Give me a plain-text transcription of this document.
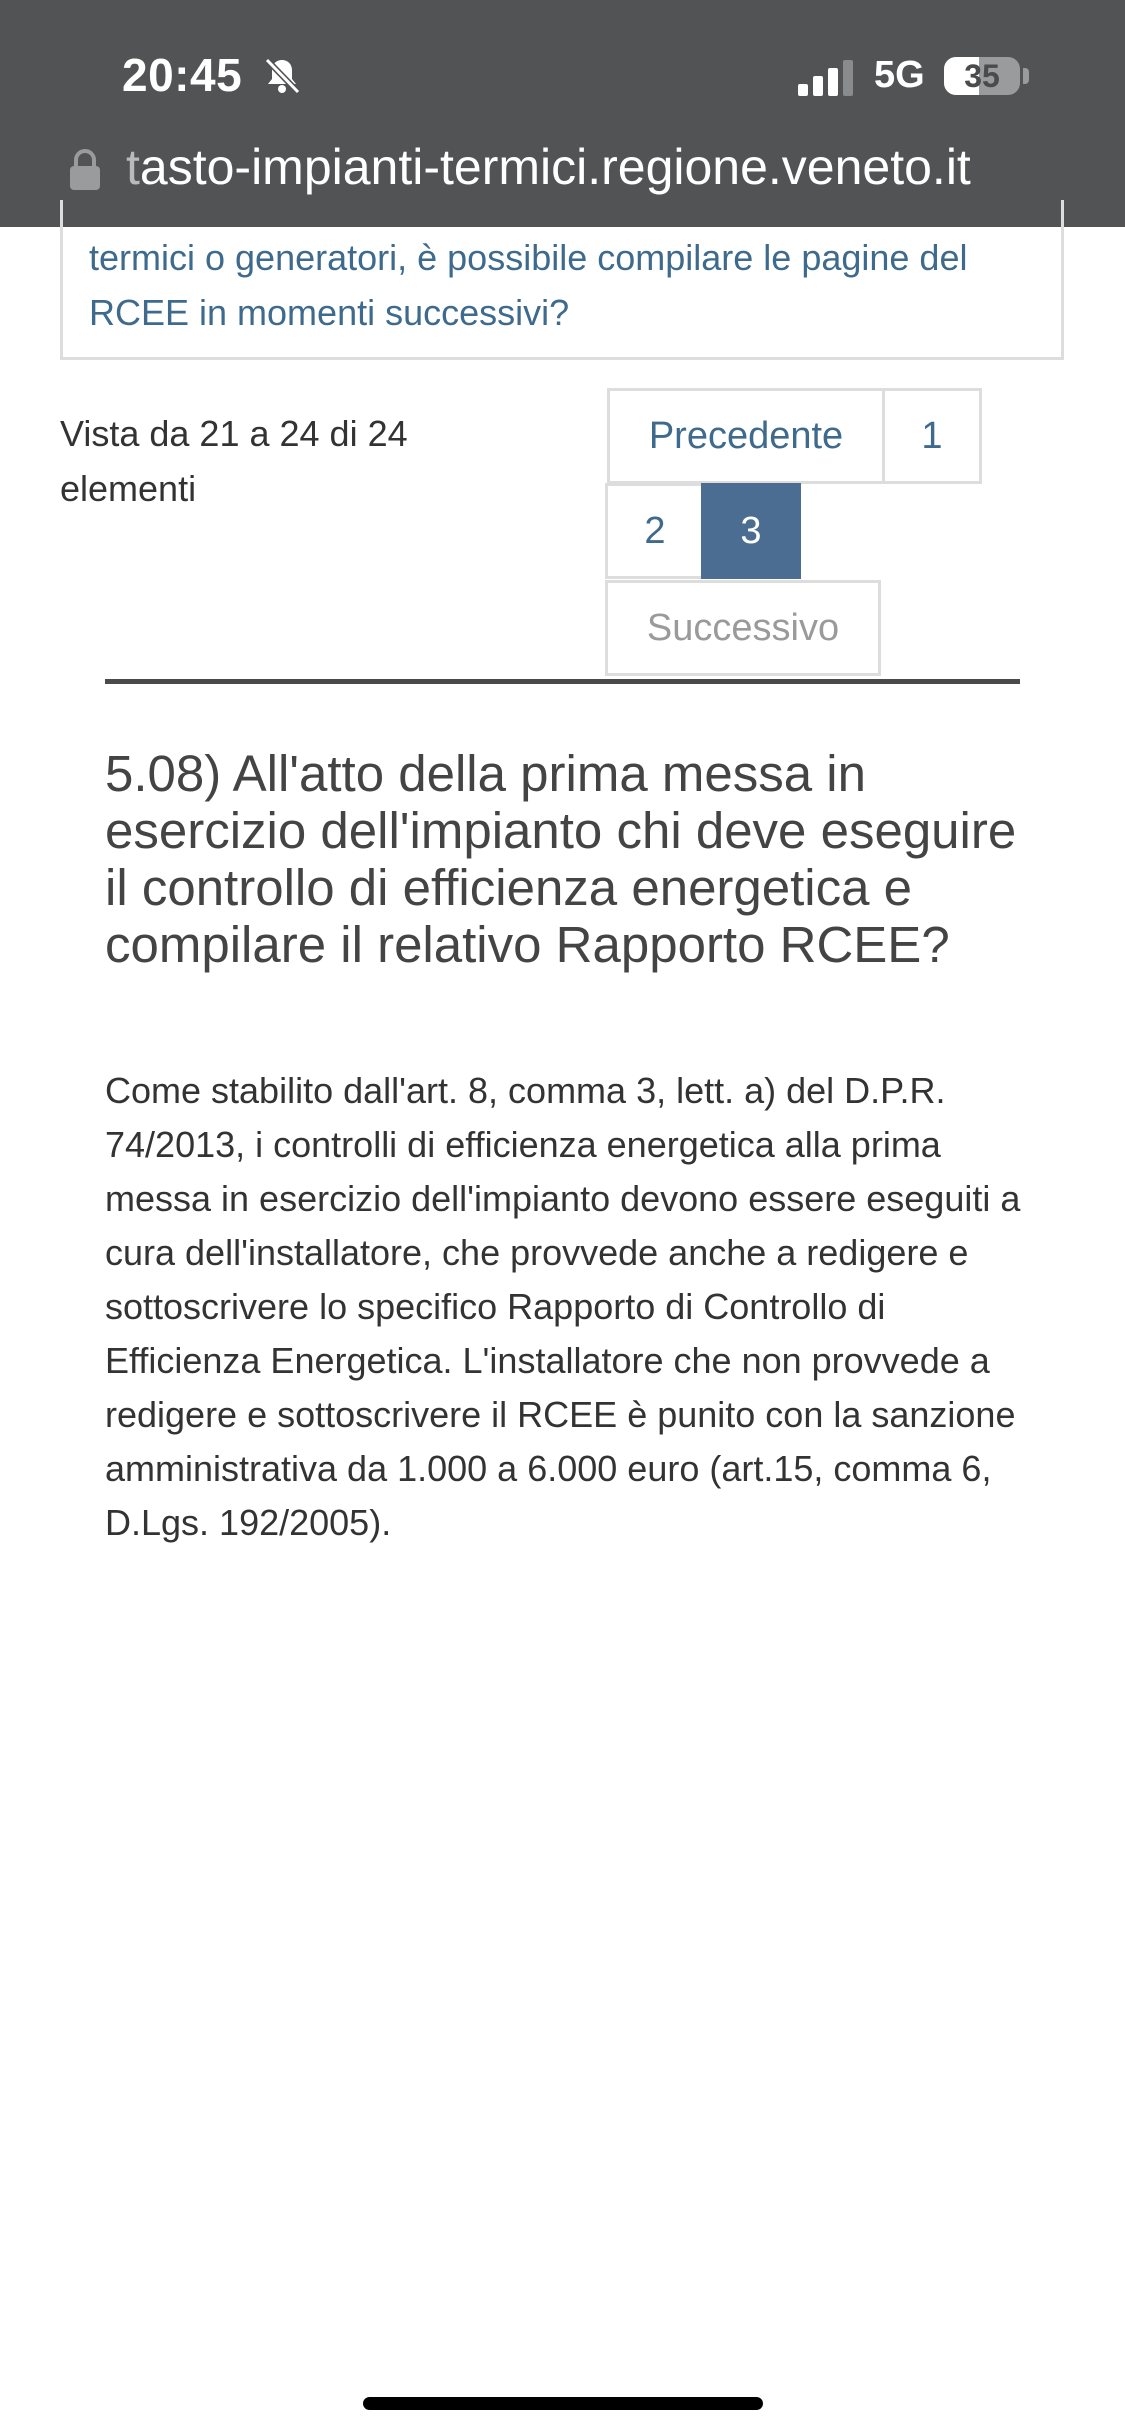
20:45	5G	35
tasto-impianti-termici.regione.veneto.it
termici o generatori, è possibile compilare le pagine del RCEE in momenti successivi?
Vista da 21 a 24 di 24 elementi
Precedente	1
2	3
Successivo
5.08) All'atto della prima messa in esercizio dell'impianto chi deve eseguire il controllo di efficienza energetica e compilare il relativo Rapporto RCEE?

Come stabilito dall'art. 8, comma 3, lett. a) del D.P.R. 74/2013, i controlli di efficienza energetica alla prima messa in esercizio dell'impianto devono essere eseguiti a cura dell'installatore, che provvede anche a redigere e sottoscrivere lo specifico Rapporto di Controllo di Efficienza Energetica. L'installatore che non provvede a redigere e sottoscrivere il RCEE è punito con la sanzione amministrativa da 1.000 a 6.000 euro (art.15, comma 6, D.Lgs. 192/2005).
